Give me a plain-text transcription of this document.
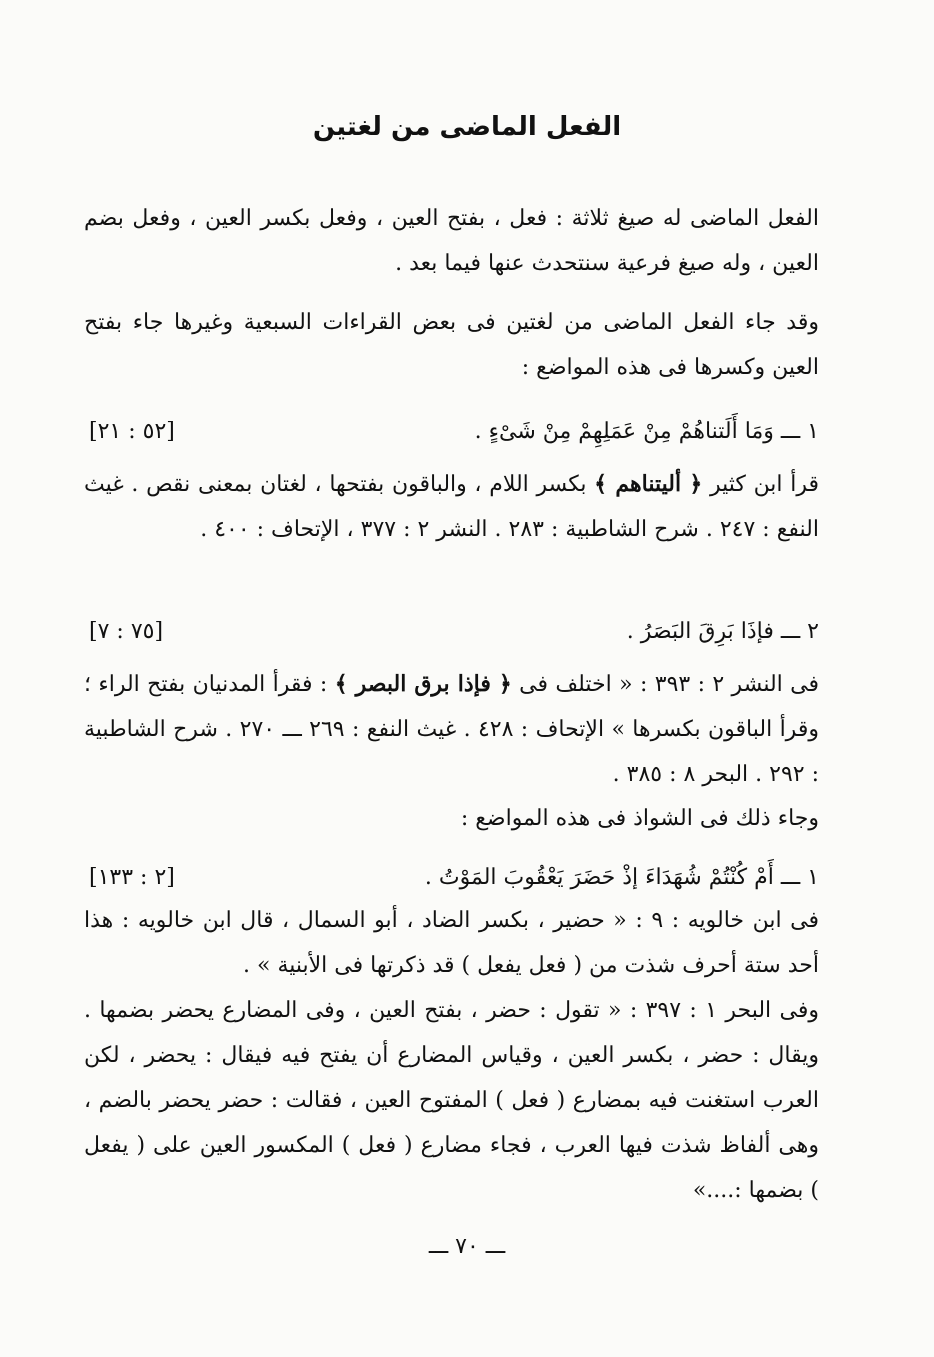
الفعل الماضى من لغتين

الفعل الماضى له صيغ ثلاثة : فعل ، بفتح العين ، وفعل بكسر العين ، وفعل بضم العين ، وله صيغ فرعية سنتحدث عنها فيما بعد .

وقد جاء الفعل الماضى من لغتين فى بعض القراءات السبعية وغيرها جاء بفتح العين وكسرها فى هذه المواضع :

١ ـــ وَمَا أَلَتناهُمْ مِنْ عَمَلِهِمْ مِنْ شَىْءٍ .
[٥٢ : ٢١]

قرأ ابن كثير ﴿ أليتناهم ﴾ بكسر اللام ، والباقون بفتحها ، لغتان بمعنى نقص . غيث النفع : ٢٤٧ . شرح الشاطبية : ٢٨٣ . النشر ٢ : ٣٧٧ ، الإتحاف : ٤٠٠ .

٢ ـــ فإذَا بَرِقَ البَصَرُ .
[٧٥ : ٧]

فى النشر ٢ : ٣٩٣ : « اختلف فى ﴿ فإذا برق البصر ﴾ : فقرأ المدنيان بفتح الراء ؛ وقرأ الباقون بكسرها » الإتحاف : ٤٢٨ . غيث النفع : ٢٦٩ ـــ ٢٧٠ . شرح الشاطبية : ٢٩٢ . البحر ٨ : ٣٨٥ .

وجاء ذلك فى الشواذ فى هذه المواضع :

١ ـــ أَمْ كُنْتُمْ شُهَدَاءَ إذْ حَضَرَ يَعْقُوبَ المَوْتُ .
[٢ : ١٣٣]

فى ابن خالويه : ٩ : « حضير ، بكسر الضاد ، أبو السمال ، قال ابن خالويه : هذا أحد ستة أحرف شذت من ( فعل يفعل ) قد ذكرتها فى الأبنية » .

وفى البحر ١ : ٣٩٧ : « تقول : حضر ، بفتح العين ، وفى المضارع يحضر بضمها . ويقال : حضر ، بكسر العين ، وقياس المضارع أن يفتح فيه فيقال : يحضر ، لكن العرب استغنت فيه بمضارع ( فعل ) المفتوح العين ، فقالت : حضر يحضر بالضم ، وهى ألفاظ شذت فيها العرب ، فجاء مضارع ( فعل ) المكسور العين على ( يفعل ) بضمها :....»

ـــ ٧٠ ـــ
